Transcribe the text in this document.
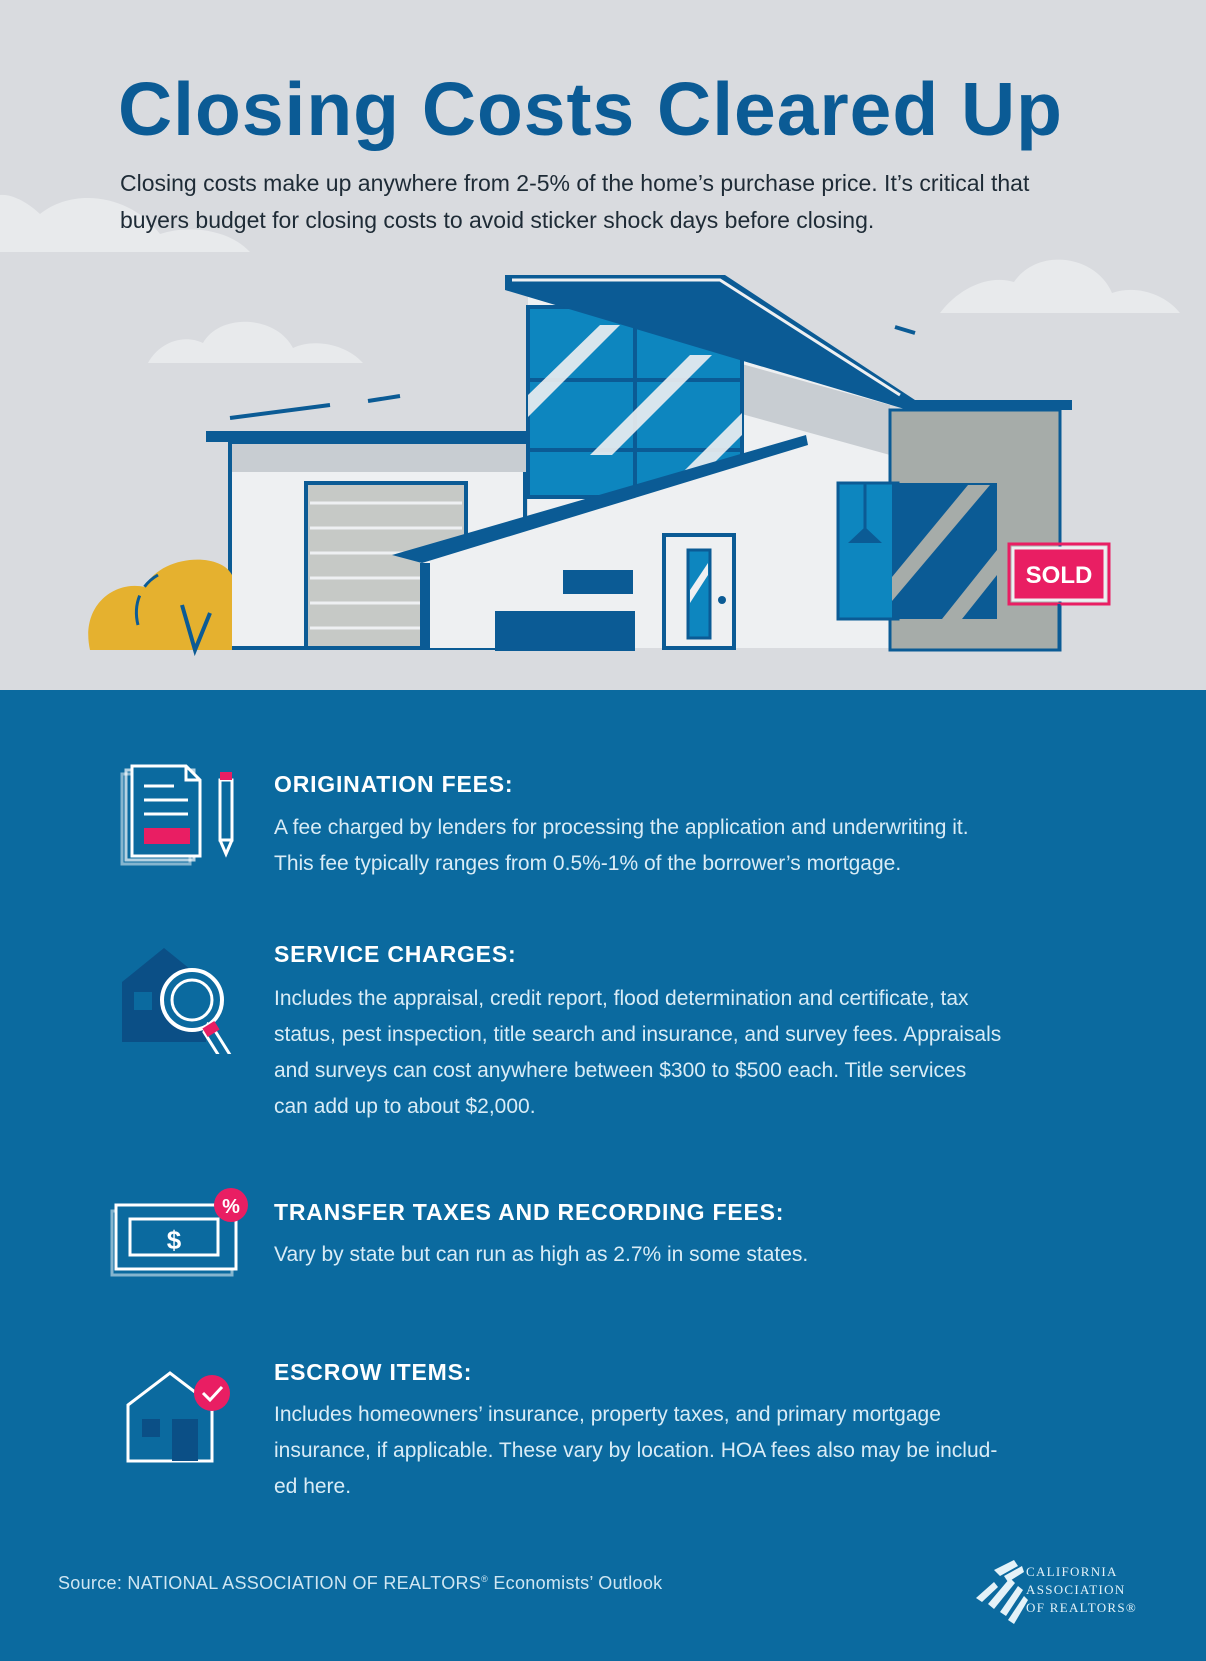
Closing Costs Cleared Up
Closing costs make up anywhere from 2-5% of the home’s purchase price. It’s critical that
buyers budget for closing costs to avoid sticker shock days before closing.
SOLD
ORIGINATION FEES:
A fee charged by lenders for processing the application and underwriting it.
This fee typically ranges from 0.5%-1% of the borrower’s mortgage.
SERVICE CHARGES:
Includes the appraisal, credit report, flood determination and certificate, tax
status, pest inspection, title search and insurance, and survey fees. Appraisals
and surveys can cost anywhere between $300 to $500 each. Title services
can add up to about $2,000.
$
% TRANSFER TAXES AND RECORDING FEES:
Vary by state but can run as high as 2.7% in some states.
ESCROW ITEMS:
Includes homeowners’ insurance, property taxes, and primary mortgage
insurance, if applicable. These vary by location. HOA fees also may be includ-
ed here.
Source: NATIONAL ASSOCIATION OF REALTORS® Economists’ Outlook
CALIFORNIA
ASSOCIATION
OF REALTORS®
